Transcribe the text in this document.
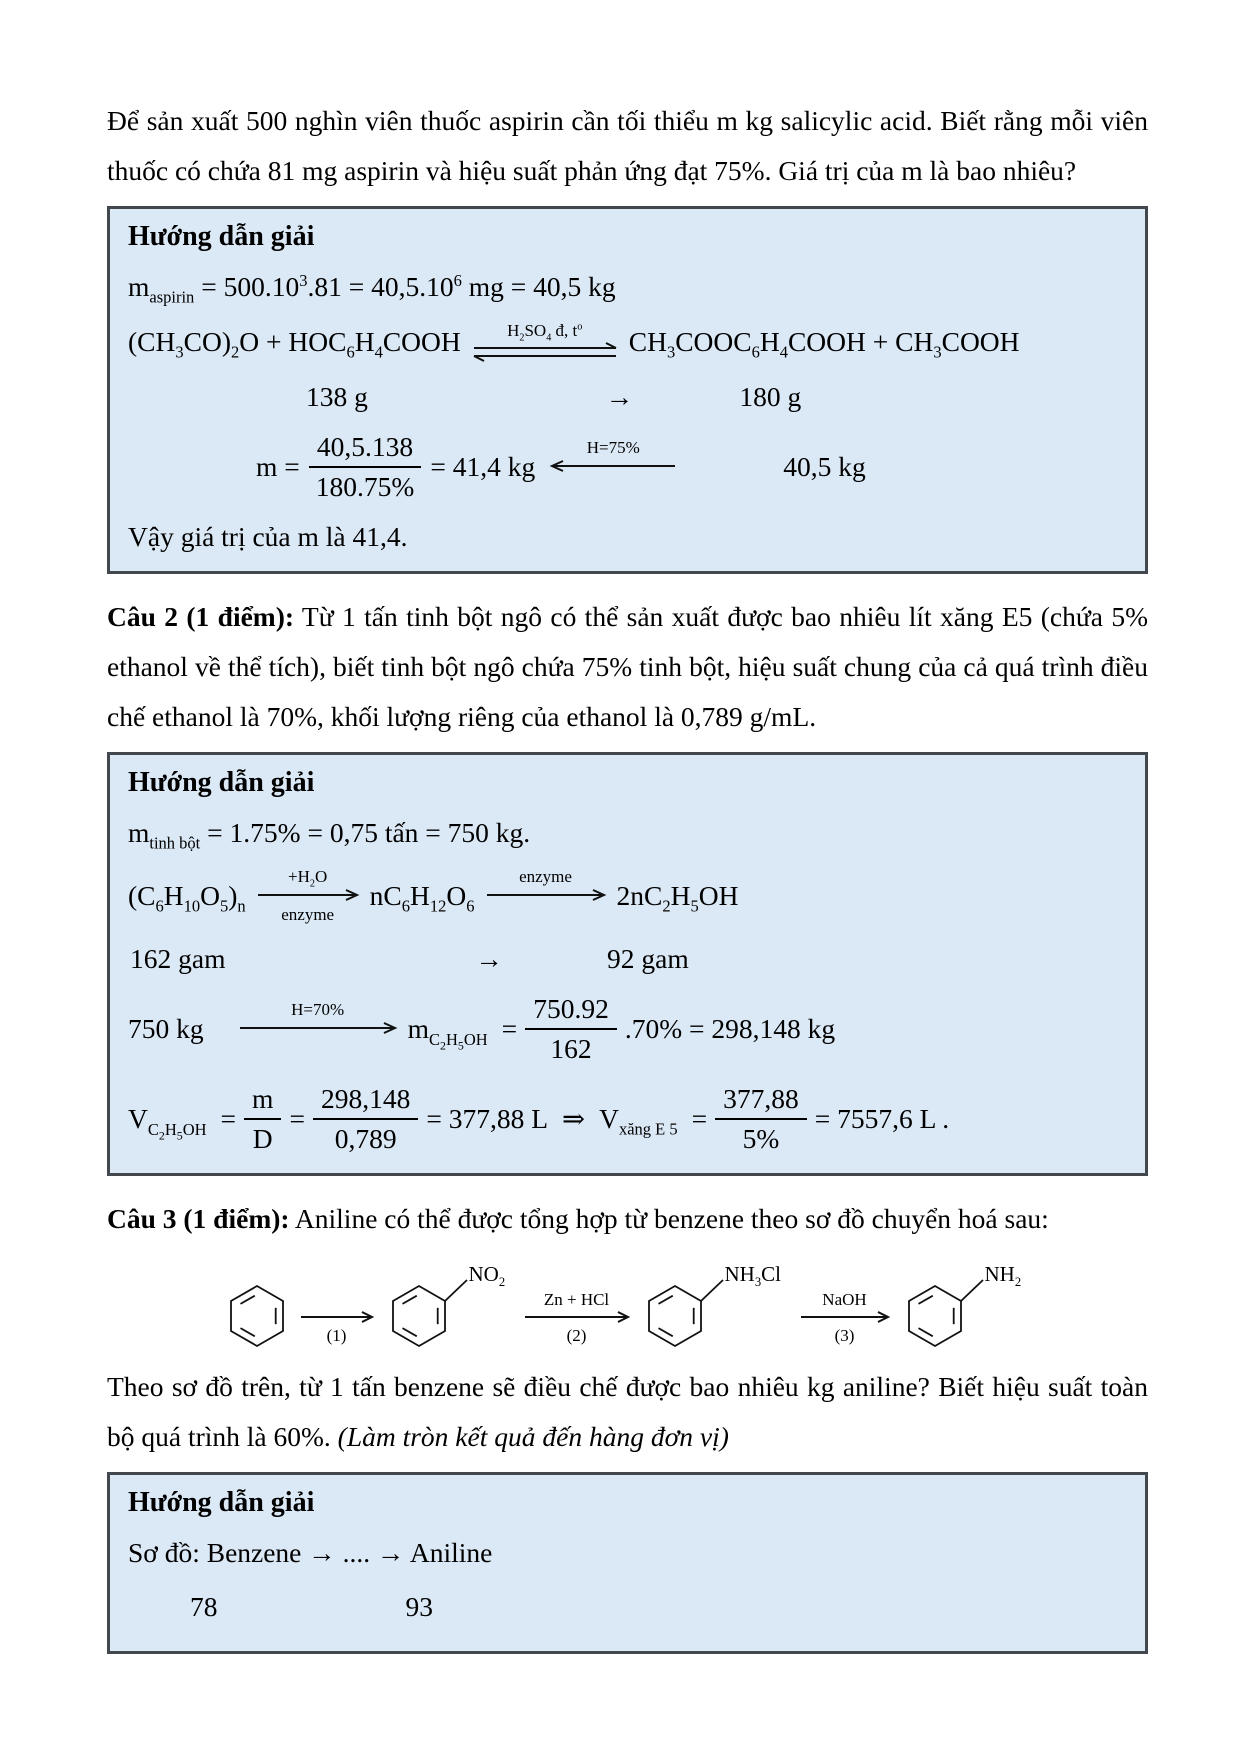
Để sản xuất 500 nghìn viên thuốc aspirin cần tối thiểu m kg salicylic acid. Biết rằng mỗi viên thuốc có chứa 81 mg aspirin và hiệu suất phản ứng đạt 75%. Giá trị của m là bao nhiêu?

Hướng dẫn giải
$m_{aspirin} = 500.10^3.81 = 40,5.10^6$ mg = 40,5 kg
$(CH_3CO)_2O$ + $HOC_6H_4COOH$	$H_2SO_4$ đ, $t^o$ $CH_3COOC_6H_4COOH$ + $CH_3COOH$
138 g	→	180 g
$m = \frac{40,5.138}{180.75\%} = 41,4$ kg
H=75%
40,5 kg
Vậy giá trị của m là 41,4.

Câu 2 (1 điểm): Từ 1 tấn tinh bột ngô có thể sản xuất được bao nhiêu lít xăng E5 (chứa 5% ethanol về thể tích), biết tinh bột ngô chứa 75% tinh bột, hiệu suất chung của cả quá trình điều chế ethanol là 70%, khối lượng riêng của ethanol là 0,789 g/mL.

Hướng dẫn giải
$m_{tinh bột} = 1.75\% = 0,75$ tấn = 750 kg.
$(C_6H_{10}O_5)_n$
$+H_2O$
enzyme
$nC_6H_{12}O_6$
enzyme
$2nC_2H_5OH$
162 gam	→	92 gam
750 kg
H=70%
$m_{C_2H_5OH} = \frac{750.92}{162} .70\% = 298,148$ kg
$V_{C_2H_5OH} = \frac{m}{D} = \frac{298,148}{0,789} = 377,88$ L ⇒ $V_{xăng E 5} = \frac{377,88}{5\%} = 7557,6$ L .

Câu 3 (1 điểm): Aniline có thể được tổng hợp từ benzene theo sơ đồ chuyển hoá sau:

(1)
$NO_2$
Zn + HCl
(2)
$NH_3Cl$
NaOH
(3)
$NH_2$

Theo sơ đồ trên, từ 1 tấn benzene sẽ điều chế được bao nhiêu kg aniline? Biết hiệu suất toàn bộ quá trình là 60%. (Làm tròn kết quả đến hàng đơn vị)

Hướng dẫn giải
Sơ đồ: Benzene → .... → Aniline
78	93
